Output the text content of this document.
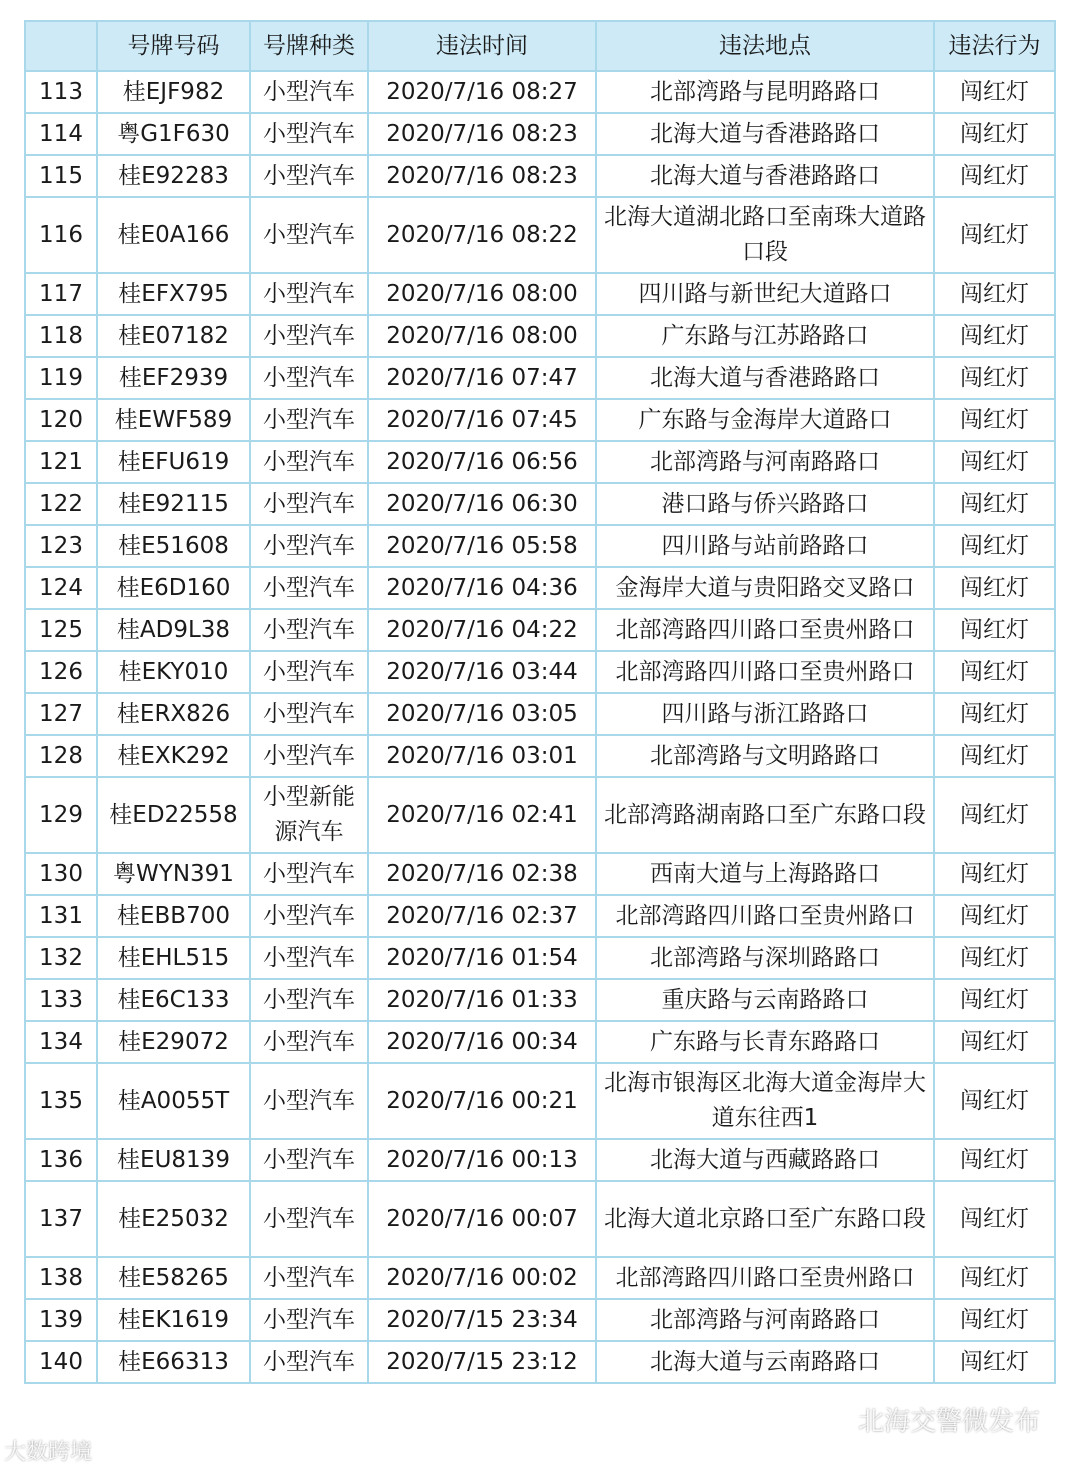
	号牌号码	号牌种类	违法时间	违法地点	违法行为
113	桂EJF982	小型汽车	2020/7/16 08:27	北部湾路与昆明路路口	闯红灯
114	粤G1F630	小型汽车	2020/7/16 08:23	北海大道与香港路路口	闯红灯
115	桂E92283	小型汽车	2020/7/16 08:23	北海大道与香港路路口	闯红灯
116	桂E0A166	小型汽车	2020/7/16 08:22	北海大道湖北路口至南珠大道路口段	闯红灯
117	桂EFX795	小型汽车	2020/7/16 08:00	四川路与新世纪大道路口	闯红灯
118	桂E07182	小型汽车	2020/7/16 08:00	广东路与江苏路路口	闯红灯
119	桂EF2939	小型汽车	2020/7/16 07:47	北海大道与香港路路口	闯红灯
120	桂EWF589	小型汽车	2020/7/16 07:45	广东路与金海岸大道路口	闯红灯
121	桂EFU619	小型汽车	2020/7/16 06:56	北部湾路与河南路路口	闯红灯
122	桂E92115	小型汽车	2020/7/16 06:30	港口路与侨兴路路口	闯红灯
123	桂E51608	小型汽车	2020/7/16 05:58	四川路与站前路路口	闯红灯
124	桂E6D160	小型汽车	2020/7/16 04:36	金海岸大道与贵阳路交叉路口	闯红灯
125	桂AD9L38	小型汽车	2020/7/16 04:22	北部湾路四川路口至贵州路口	闯红灯
126	桂EKY010	小型汽车	2020/7/16 03:44	北部湾路四川路口至贵州路口	闯红灯
127	桂ERX826	小型汽车	2020/7/16 03:05	四川路与浙江路路口	闯红灯
128	桂EXK292	小型汽车	2020/7/16 03:01	北部湾路与文明路路口	闯红灯
129	桂ED22558	小型新能源汽车	2020/7/16 02:41	北部湾路湖南路口至广东路口段	闯红灯
130	粤WYN391	小型汽车	2020/7/16 02:38	西南大道与上海路路口	闯红灯
131	桂EBB700	小型汽车	2020/7/16 02:37	北部湾路四川路口至贵州路口	闯红灯
132	桂EHL515	小型汽车	2020/7/16 01:54	北部湾路与深圳路路口	闯红灯
133	桂E6C133	小型汽车	2020/7/16 01:33	重庆路与云南路路口	闯红灯
134	桂E29072	小型汽车	2020/7/16 00:34	广东路与长青东路路口	闯红灯
135	桂A0055T	小型汽车	2020/7/16 00:21	北海市银海区北海大道金海岸大道东往西1	闯红灯
136	桂EU8139	小型汽车	2020/7/16 00:13	北海大道与西藏路路口	闯红灯
137	桂E25032	小型汽车	2020/7/16 00:07	北海大道北京路口至广东路口段	闯红灯
138	桂E58265	小型汽车	2020/7/16 00:02	北部湾路四川路口至贵州路口	闯红灯
139	桂EK1619	小型汽车	2020/7/15 23:34	北部湾路与河南路路口	闯红灯
140	桂E66313	小型汽车	2020/7/15 23:12	北海大道与云南路路口	闯红灯
北海交警微发布
大数跨境
